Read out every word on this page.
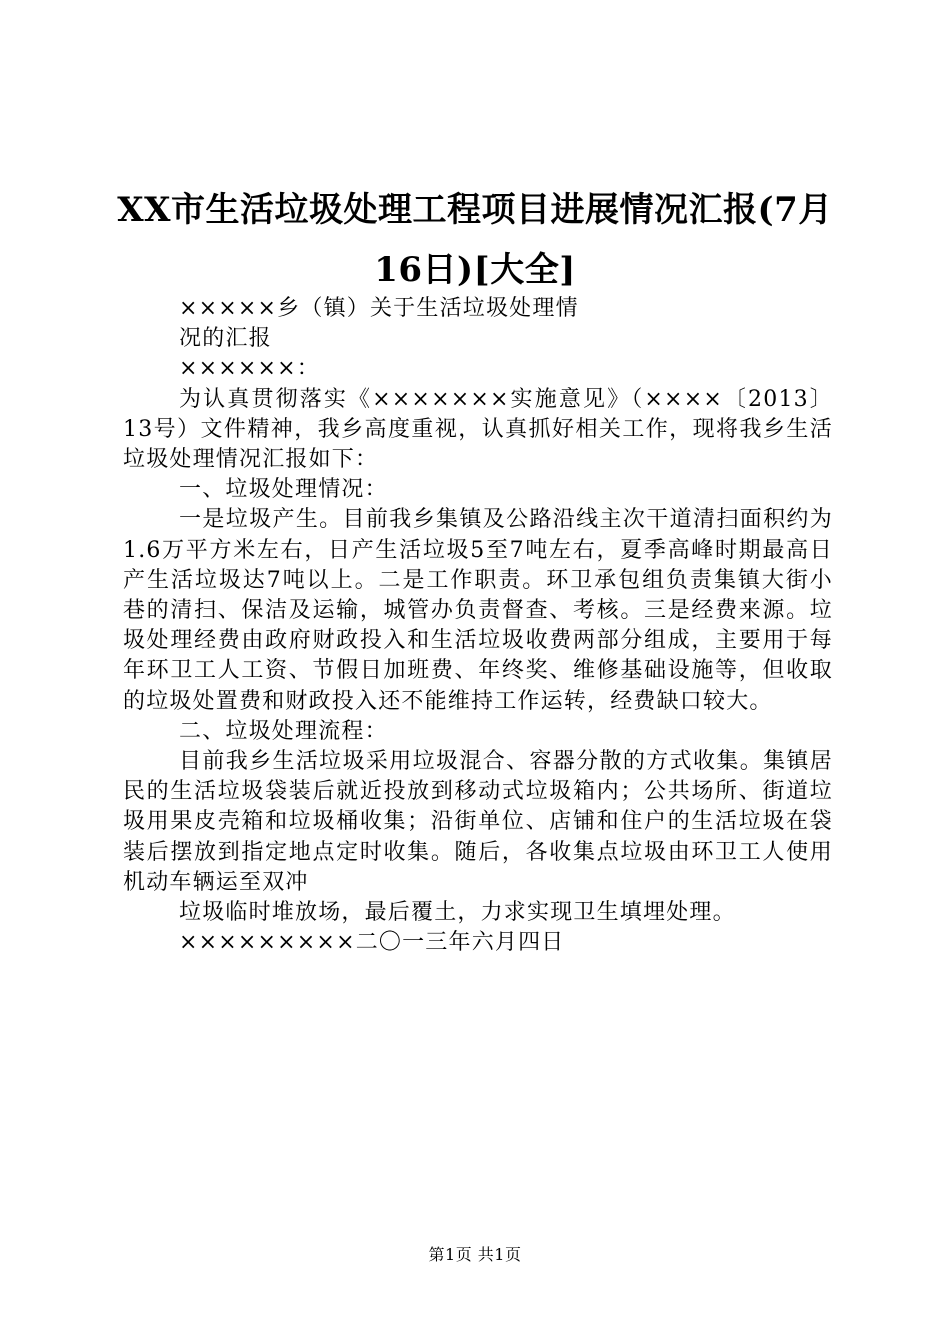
XX市生活垃圾处理工程项目进展情况汇报(7月16日)[大全]

×××××乡（镇）关于生活垃圾处理情

况的汇报

××××××：

为认真贯彻落实《×××××××实施意见》（××××〔2013〕13号）文件精神，我乡高度重视，认真抓好相关工作，现将我乡生活垃圾处理情况汇报如下：

一、垃圾处理情况：

一是垃圾产生。目前我乡集镇及公路沿线主次干道清扫面积约为1.6万平方米左右，日产生活垃圾5至7吨左右，夏季高峰时期最高日产生活垃圾达7吨以上。二是工作职责。环卫承包组负责集镇大街小巷的清扫、保洁及运输，城管办负责督查、考核。三是经费来源。垃圾处理经费由政府财政投入和生活垃圾收费两部分组成，主要用于每年环卫工人工资、节假日加班费、年终奖、维修基础设施等，但收取的垃圾处置费和财政投入还不能维持工作运转，经费缺口较大。

二、垃圾处理流程：

目前我乡生活垃圾采用垃圾混合、容器分散的方式收集。集镇居民的生活垃圾袋装后就近投放到移动式垃圾箱内；公共场所、街道垃圾用果皮壳箱和垃圾桶收集；沿街单位、店铺和住户的生活垃圾在袋装后摆放到指定地点定时收集。随后，各收集点垃圾由环卫工人使用机动车辆运至双冲

垃圾临时堆放场，最后覆土，力求实现卫生填埋处理。

×××××××××二〇一三年六月四日

第1页 共1页
